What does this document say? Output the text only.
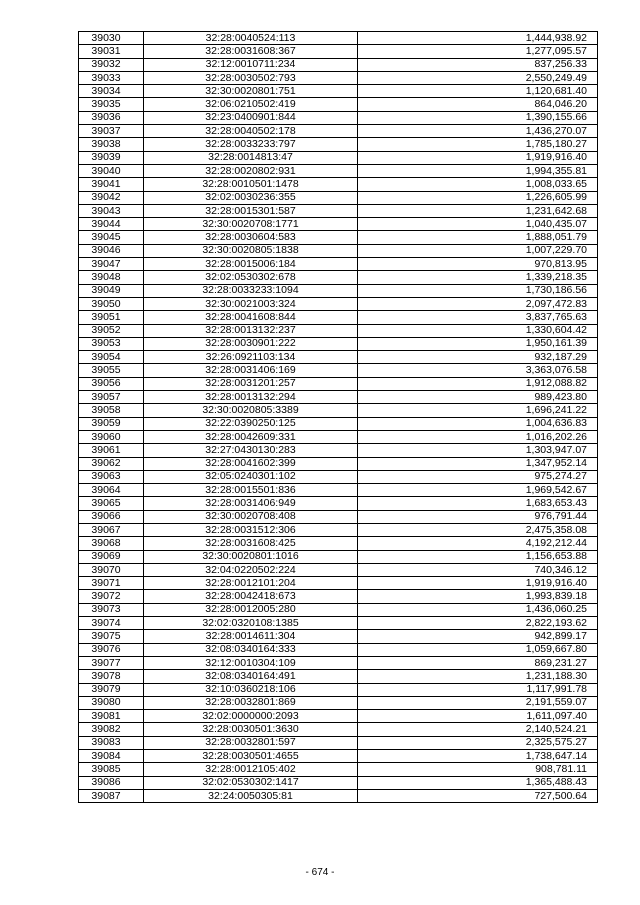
39030	32:28:0040524:113	1,444,938.92
39031	32:28:0031608:367	1,277,095.57
39032	32:12:0010711:234	837,256.33
39033	32:28:0030502:793	2,550,249.49
39034	32:30:0020801:751	1,120,681.40
39035	32:06:0210502:419	864,046.20
39036	32:23:0400901:844	1,390,155.66
39037	32:28:0040502:178	1,436,270.07
39038	32:28:0033233:797	1,785,180.27
39039	32:28:0014813:47	1,919,916.40
39040	32:28:0020802:931	1,994,355.81
39041	32:28:0010501:1478	1,008,033.65
39042	32:02:0030236:355	1,226,605.99
39043	32:28:0015301:587	1,231,642.68
39044	32:30:0020708:1771	1,040,435.07
39045	32:28:0030604:583	1,888,051.79
39046	32:30:0020805:1838	1,007,229.70
39047	32:28:0015006:184	970,813.95
39048	32:02:0530302:678	1,339,218.35
39049	32:28:0033233:1094	1,730,186.56
39050	32:30:0021003:324	2,097,472.83
39051	32:28:0041608:844	3,837,765.63
39052	32:28:0013132:237	1,330,604.42
39053	32:28:0030901:222	1,950,161.39
39054	32:26:0921103:134	932,187.29
39055	32:28:0031406:169	3,363,076.58
39056	32:28:0031201:257	1,912,088.82
39057	32:28:0013132:294	989,423.80
39058	32:30:0020805:3389	1,696,241.22
39059	32:22:0390250:125	1,004,636.83
39060	32:28:0042609:331	1,016,202.26
39061	32:27:0430130:283	1,303,947.07
39062	32:28:0041602:399	1,347,952.14
39063	32:05:0240301:102	975,274.27
39064	32:28:0015501:836	1,969,542.67
39065	32:28:0031406:949	1,683,653.43
39066	32:30:0020708:408	976,791.44
39067	32:28:0031512:306	2,475,358.08
39068	32:28:0031608:425	4,192,212.44
39069	32:30:0020801:1016	1,156,653.88
39070	32:04:0220502:224	740,346.12
39071	32:28:0012101:204	1,919,916.40
39072	32:28:0042418:673	1,993,839.18
39073	32:28:0012005:280	1,436,060.25
39074	32:02:0320108:1385	2,822,193.62
39075	32:28:0014611:304	942,899.17
39076	32:08:0340164:333	1,059,667.80
39077	32:12:0010304:109	869,231.27
39078	32:08:0340164:491	1,231,188.30
39079	32:10:0360218:106	1,117,991.78
39080	32:28:0032801:869	2,191,559.07
39081	32:02:0000000:2093	1,611,097.40
39082	32:28:0030501:3630	2,140,524.21
39083	32:28:0032801:597	2,325,575.27
39084	32:28:0030501:4655	1,738,647.14
39085	32:28:0012105:402	908,781.11
39086	32:02:0530302:1417	1,365,488.43
39087	32:24:0050305:81	727,500.64
- 674 -
